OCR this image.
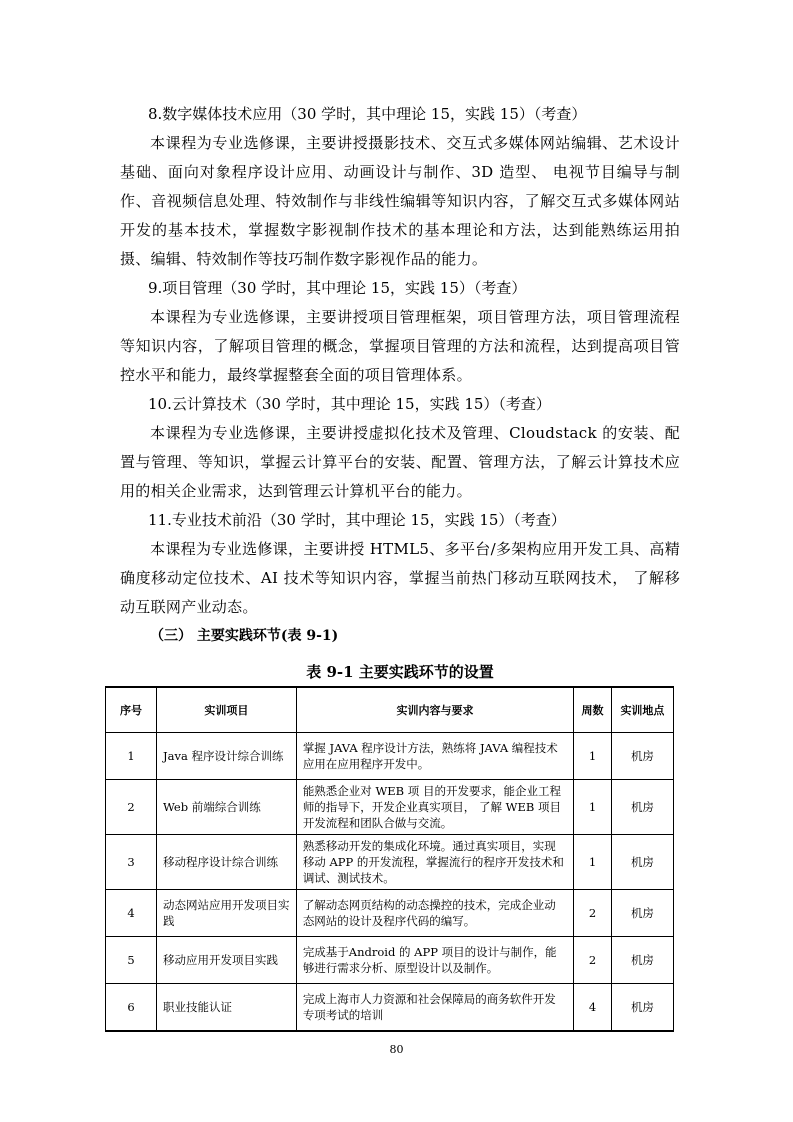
8.数字媒体技术应用（30 学时，其中理论 15，实践 15）（考查）

本课程为专业选修课，主要讲授摄影技术、交互式多媒体网站编辑、艺术设计基础、面向对象程序设计应用、动画设计与制作、3D 造型、 电视节目编导与制作、音视频信息处理、特效制作与非线性编辑等知识内容，了解交互式多媒体网站开发的基本技术，掌握数字影视制作技术的基本理论和方法，达到能熟练运用拍摄、编辑、特效制作等技巧制作数字影视作品的能力。

9.项目管理（30 学时，其中理论 15，实践 15）（考查）

本课程为专业选修课，主要讲授项目管理框架，项目管理方法，项目管理流程等知识内容，了解项目管理的概念，掌握项目管理的方法和流程，达到提高项目管控水平和能力，最终掌握整套全面的项目管理体系。

10.云计算技术（30 学时，其中理论 15，实践 15）（考查）

本课程为专业选修课，主要讲授虚拟化技术及管理、Cloudstack 的安装、配置与管理、等知识，掌握云计算平台的安装、配置、管理方法，了解云计算技术应用的相关企业需求，达到管理云计算机平台的能力。

11.专业技术前沿（30 学时，其中理论 15，实践 15）（考查）

本课程为专业选修课，主要讲授 HTML5、多平台/多架构应用开发工具、高精确度移动定位技术、AI 技术等知识内容，掌握当前热门移动互联网技术， 了解移动互联网产业动态。

（三） 主要实践环节(表 9-1)

表 9-1 主要实践环节的设置

序号	实训项目	实训内容与要求	周数	实训地点
1	Java 程序设计综合训练	掌握 JAVA 程序设计方法，熟练将 JAVA 编程技术应用在应用程序开发中。	1	机房
2	Web 前端综合训练	能熟悉企业对 WEB 项 目的开发要求，能企业工程师的指导下，开发企业真实项目， 了解 WEB 项目开发流程和团队合做与交流。	1	机房
3	移动程序设计综合训练	熟悉移动开发的集成化环境。通过真实项目，实现移动 APP 的开发流程，掌握流行的程序开发技术和调试、测试技术。	1	机房
4	动态网站应用开发项目实践	了解动态网页结构的动态操控的技术，完成企业动态网站的设计及程序代码的编写。	2	机房
5	移动应用开发项目实践	完成基于Android 的 APP 项目的设计与制作，能够进行需求分析、原型设计以及制作。	2	机房
6	职业技能认证	完成上海市人力资源和社会保障局的商务软件开发专项考试的培训	4	机房
80
